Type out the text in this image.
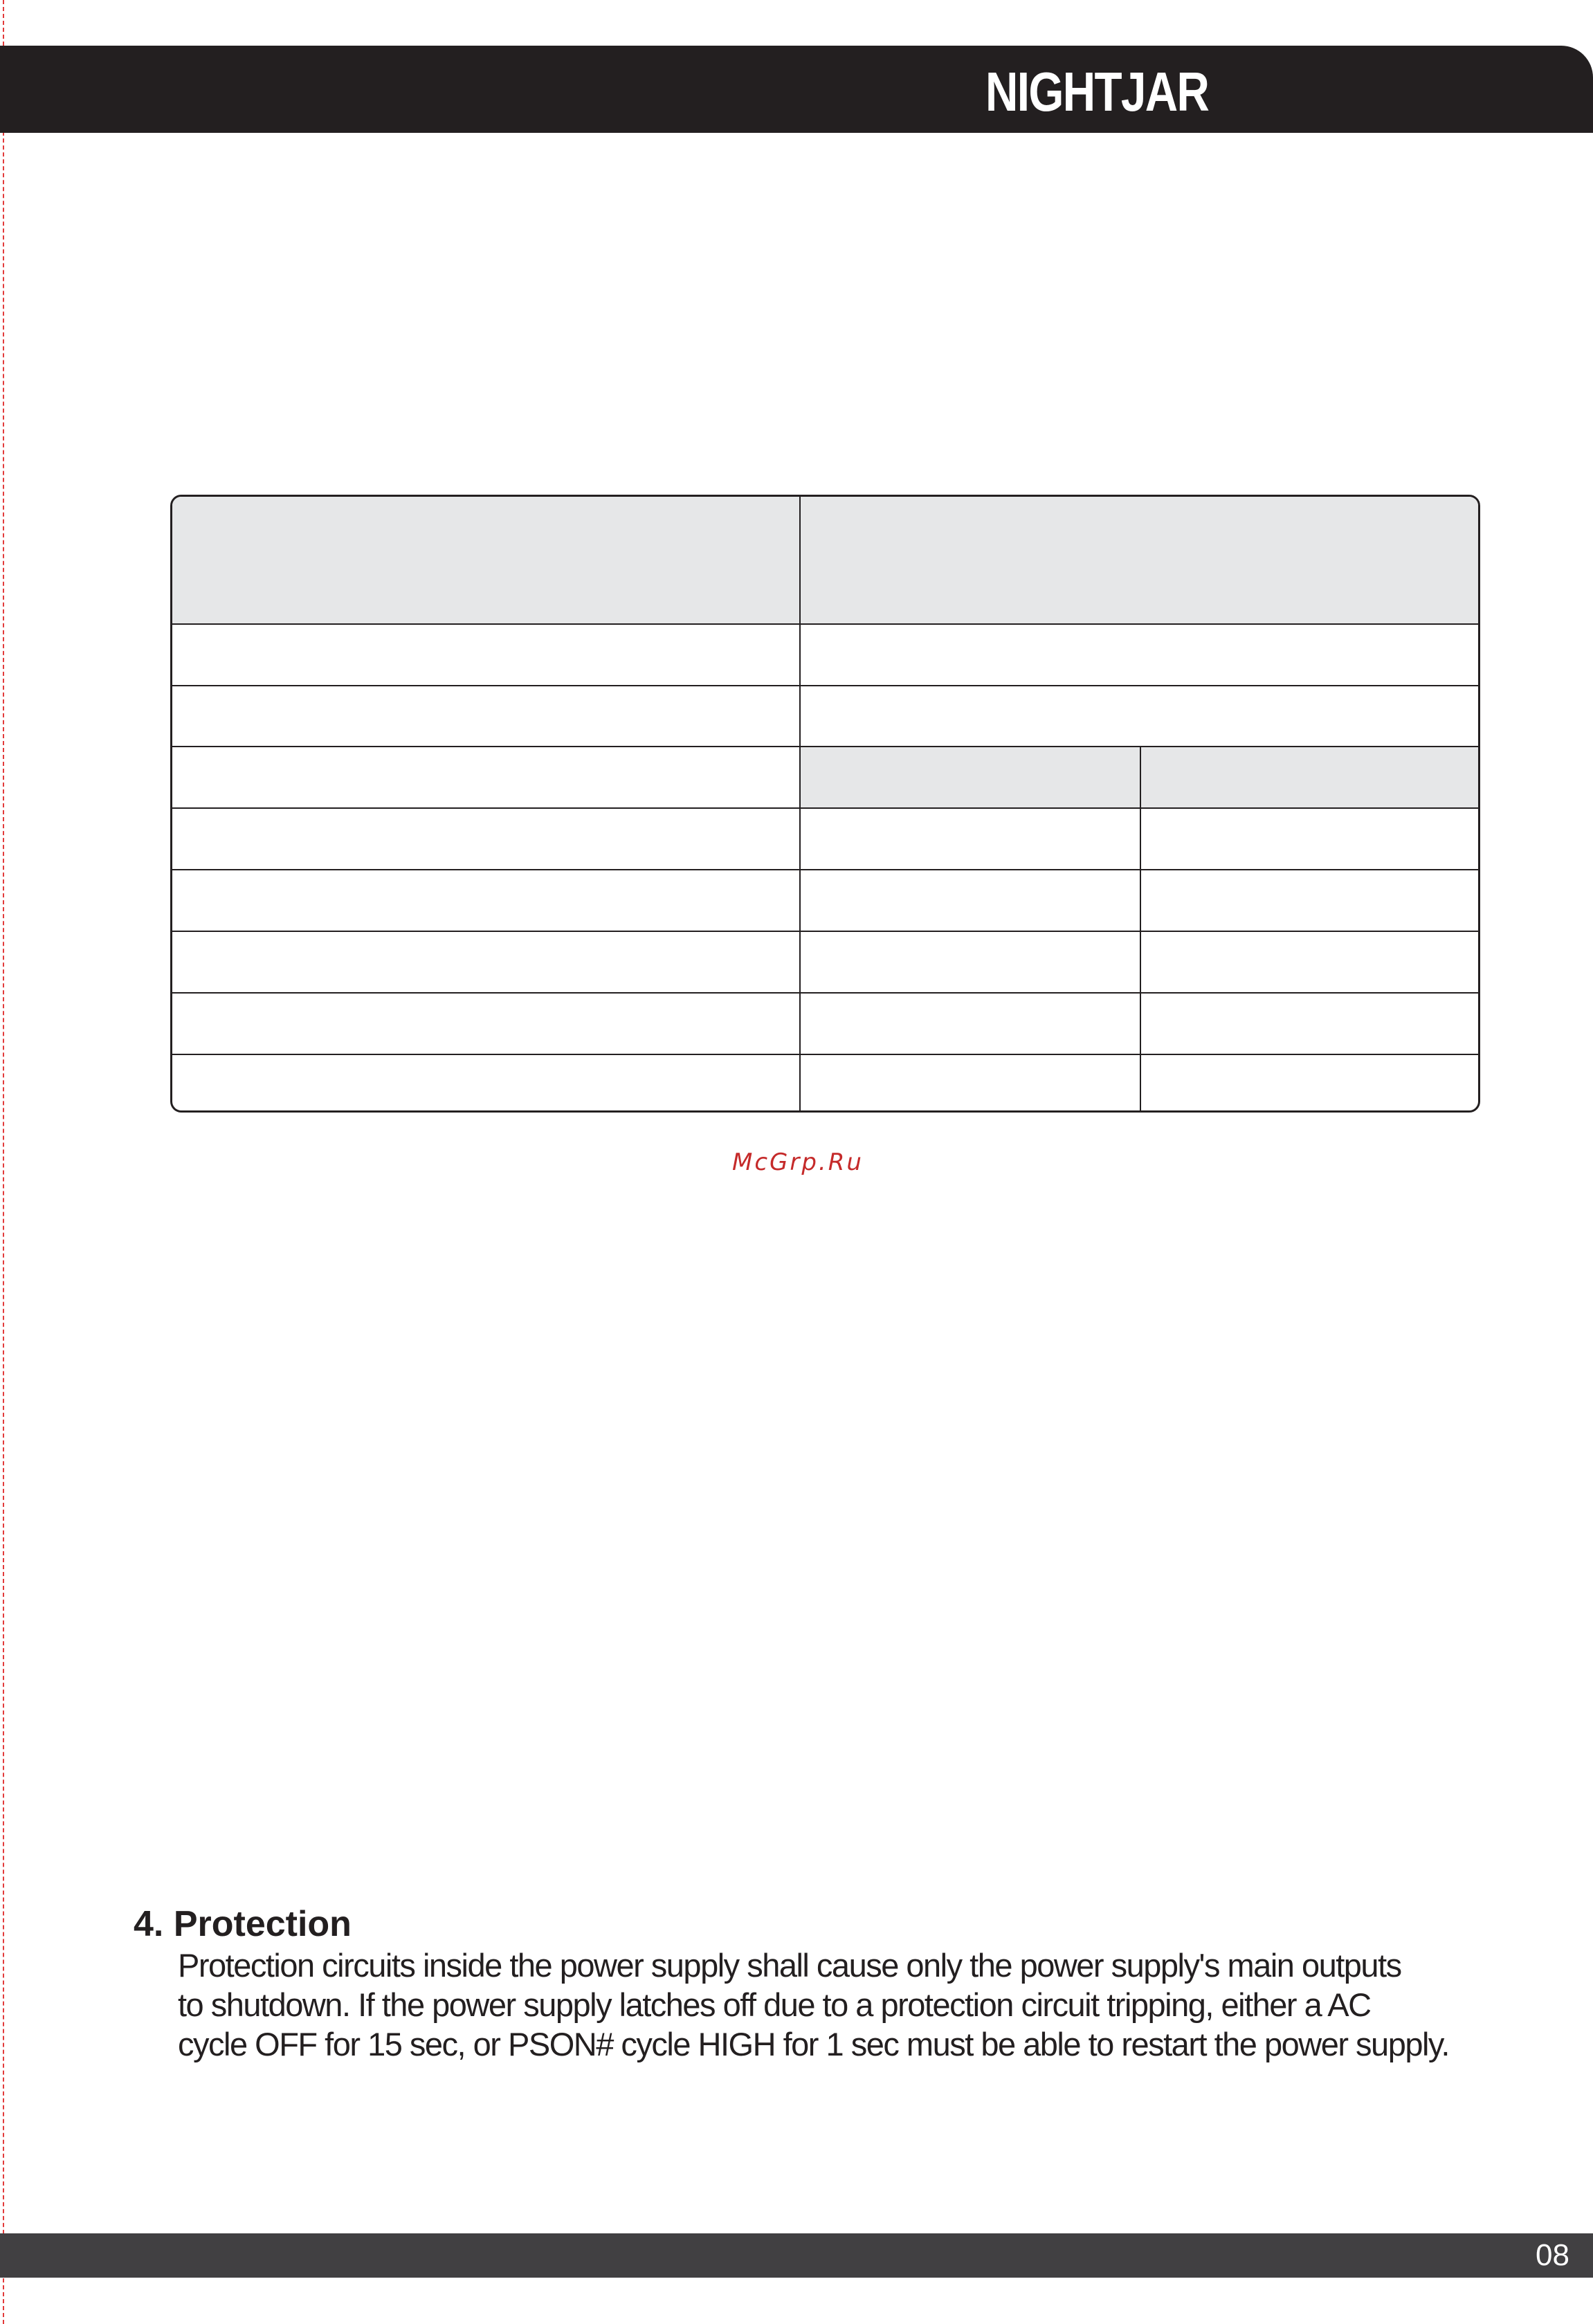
NIGHTJAR
McGrp.Ru
4. Protection
Protection circuits inside the power supply shall cause only the power supply's main outputs
to shutdown. If the power supply latches off due to a protection circuit tripping, either a AC
cycle OFF for 15 sec, or PSON# cycle HIGH for 1 sec must be able to restart the power supply.
08
